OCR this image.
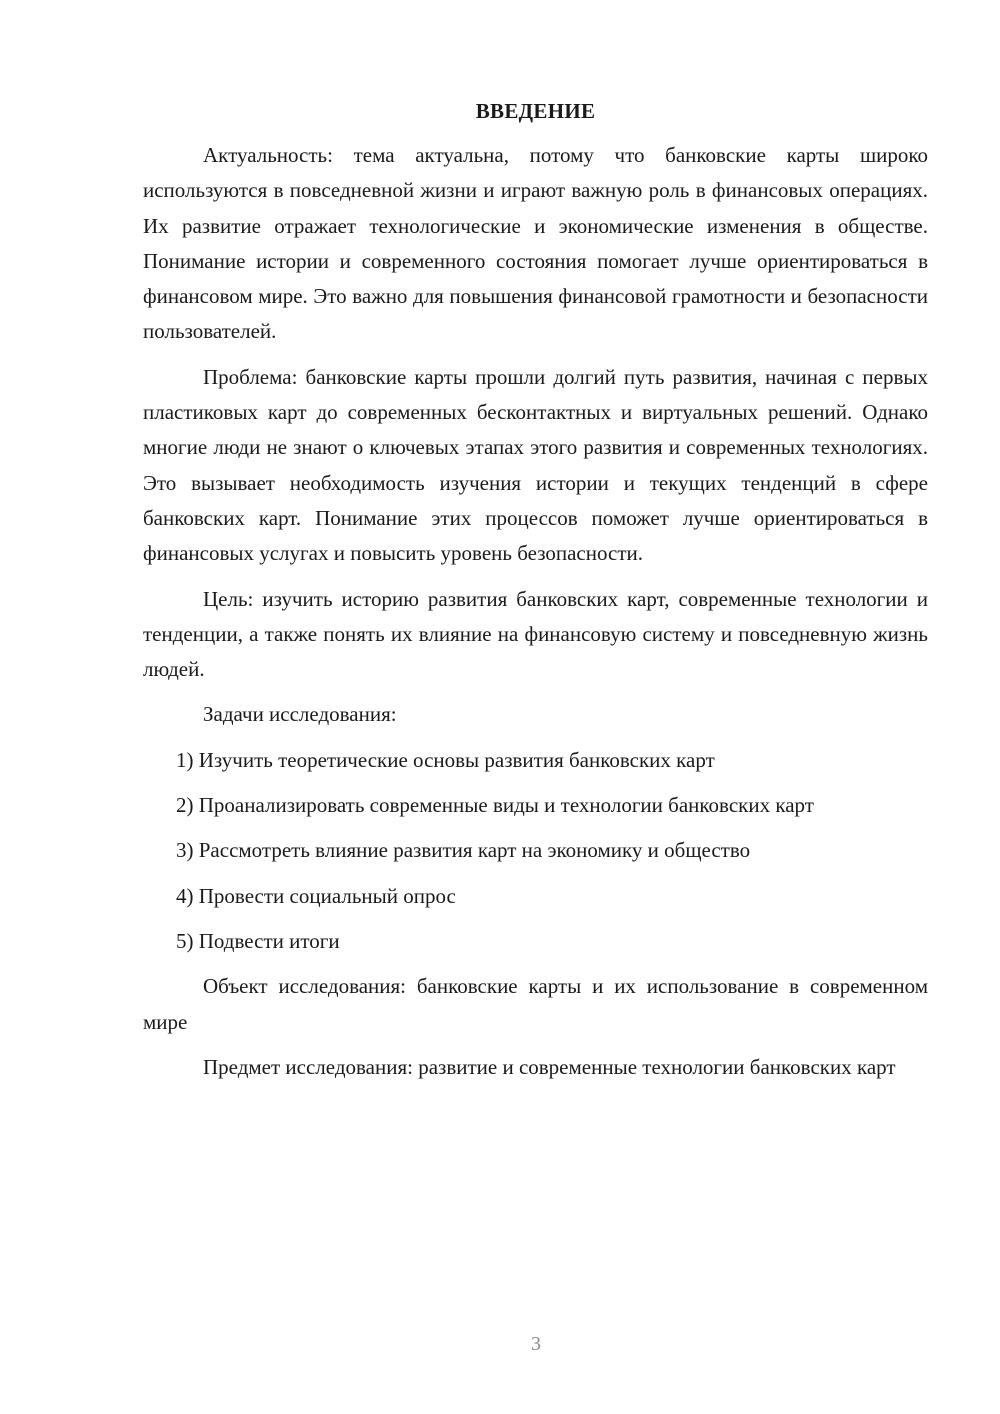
ВВЕДЕНИЕ

Актуальность: тема актуальна, потому что банковские карты широко используются в повседневной жизни и играют важную роль в финансовых операциях. Их развитие отражает технологические и экономические изменения в обществе. Понимание истории и современного состояния помогает лучше ориентироваться в финансовом мире. Это важно для повышения финансовой грамотности и безопасности пользователей.

Проблема: банковские карты прошли долгий путь развития, начиная с первых пластиковых карт до современных бесконтактных и виртуальных решений. Однако многие люди не знают о ключевых этапах этого развития и современных технологиях. Это вызывает необходимость изучения истории и текущих тенденций в сфере банковских карт. Понимание этих процессов поможет лучше ориентироваться в финансовых услугах и повысить уровень безопасности.

Цель: изучить историю развития банковских карт, современные технологии и тенденции, а также понять их влияние на финансовую систему и повседневную жизнь людей.

Задачи исследования:

1) Изучить теоретические основы развития банковских карт

2) Проанализировать современные виды и технологии банковских карт

3) Рассмотреть влияние развития карт на экономику и общество

4) Провести социальный опрос

5) Подвести итоги

Объект исследования: банковские карты и их использование в современном мире

Предмет исследования: развитие и современные технологии банковских карт

3
